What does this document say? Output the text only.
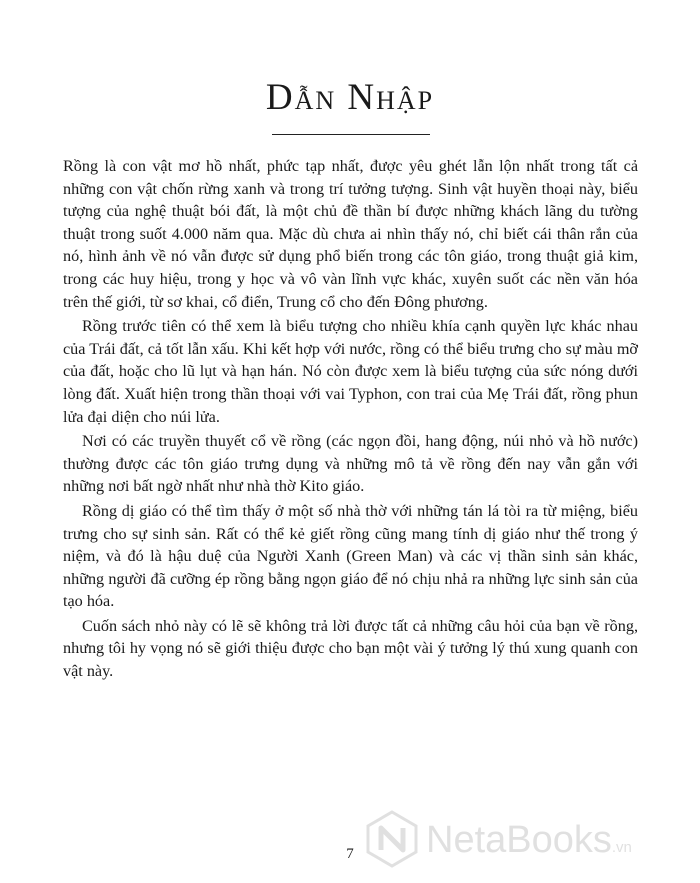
Dẫn Nhập

Rồng là con vật mơ hồ nhất, phức tạp nhất, được yêu ghét lẫn lộn nhất trong tất cả những con vật chốn rừng xanh và trong trí tưởng tượng. Sinh vật huyền thoại này, biểu tượng của nghệ thuật bói đất, là một chủ đề thần bí được những khách lãng du tường thuật trong suốt 4.000 năm qua. Mặc dù chưa ai nhìn thấy nó, chỉ biết cái thân rắn của nó, hình ảnh về nó vẫn được sử dụng phổ biến trong các tôn giáo, trong thuật giả kim, trong các huy hiệu, trong y học và vô vàn lĩnh vực khác, xuyên suốt các nền văn hóa trên thế giới, từ sơ khai, cổ điển, Trung cổ cho đến Đông phương.

Rồng trước tiên có thể xem là biểu tượng cho nhiều khía cạnh quyền lực khác nhau của Trái đất, cả tốt lẫn xấu. Khi kết hợp với nước, rồng có thể biểu trưng cho sự màu mỡ của đất, hoặc cho lũ lụt và hạn hán. Nó còn được xem là biểu tượng của sức nóng dưới lòng đất. Xuất hiện trong thần thoại với vai Typhon, con trai của Mẹ Trái đất, rồng phun lửa đại diện cho núi lửa.

Nơi có các truyền thuyết cổ về rồng (các ngọn đồi, hang động, núi nhỏ và hồ nước) thường được các tôn giáo trưng dụng và những mô tả về rồng đến nay vẫn gắn với những nơi bất ngờ nhất như nhà thờ Kito giáo.

Rồng dị giáo có thể tìm thấy ở một số nhà thờ với những tán lá tòi ra từ miệng, biểu trưng cho sự sinh sản. Rất có thể kẻ giết rồng cũng mang tính dị giáo như thế trong ý niệm, và đó là hậu duệ của Người Xanh (Green Man) và các vị thần sinh sản khác, những người đã cưỡng ép rồng bằng ngọn giáo để nó chịu nhả ra những lực sinh sản của tạo hóa.

Cuốn sách nhỏ này có lẽ sẽ không trả lời được tất cả những câu hỏi của bạn về rồng, nhưng tôi hy vọng nó sẽ giới thiệu được cho bạn một vài ý tưởng lý thú xung quanh con vật này.

7	NetaBooks.vn
